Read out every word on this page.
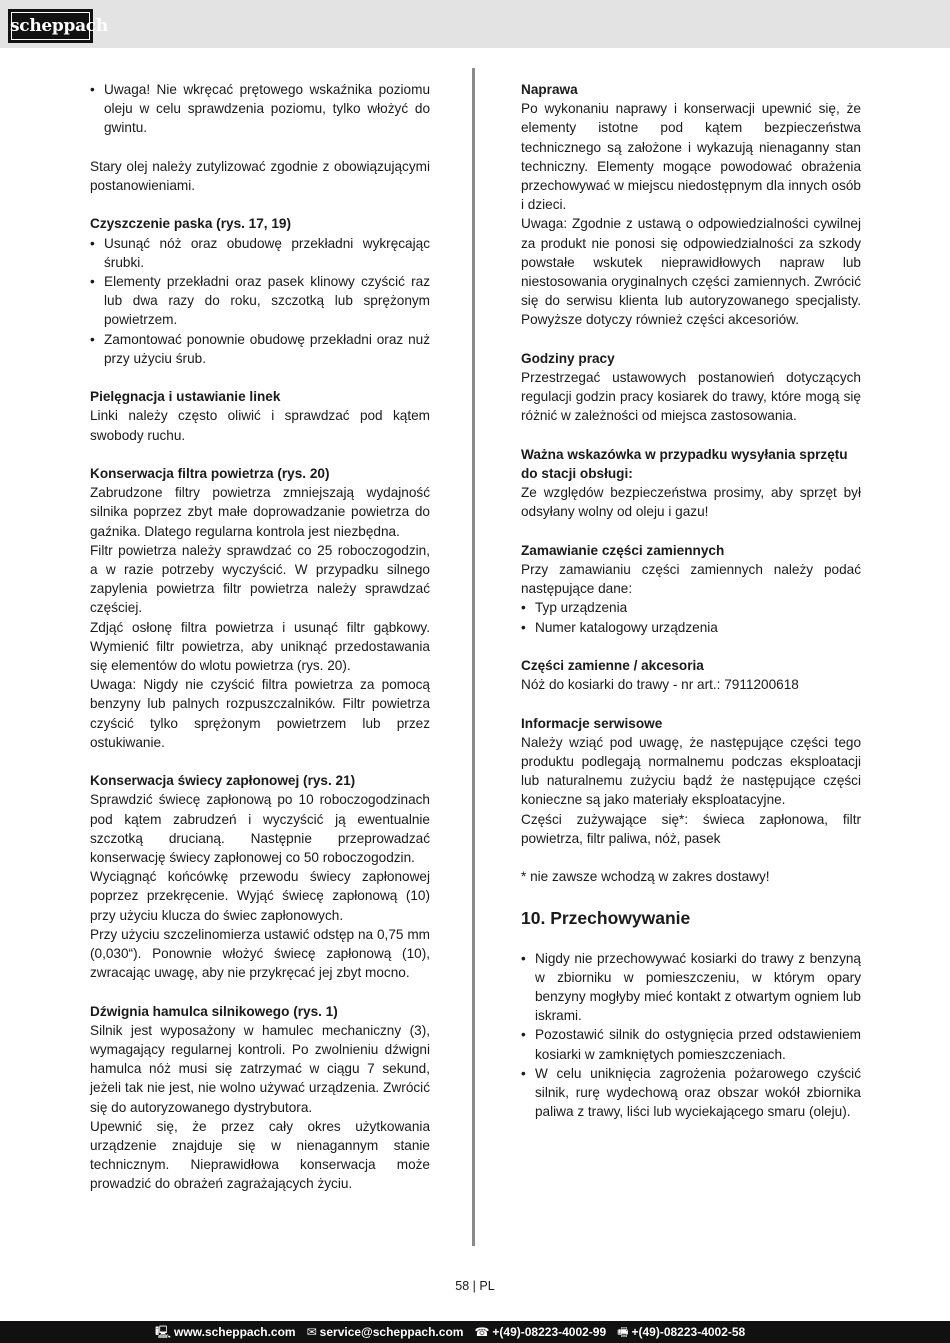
scheppach
• Uwaga! Nie wkręcać prętowego wskaźnika poziomu oleju w celu sprawdzenia poziomu, tylko włożyć do gwintu.

Stary olej należy zutylizować zgodnie z obowiązującymi postanowieniami.

Czyszczenie paska (rys. 17, 19)
• Usunąć nóż oraz obudowę przekładni wykręcając śrubki.
• Elementy przekładni oraz pasek klinowy czyścić raz lub dwa razy do roku, szczotką lub sprężonym powietrzem.
• Zamontować ponownie obudowę przekładni oraz nuż przy użyciu śrub.
Pielęgnacja i ustawianie linek

Linki należy często oliwić i sprawdzać pod kątem swobody ruchu.

Konserwacja filtra powietrza (rys. 20)

Zabrudzone filtry powietrza zmniejszają wydajność silnika poprzez zbyt małe doprowadzanie powietrza do gaźnika. Dlatego regularna kontrola jest niezbędna.

Filtr powietrza należy sprawdzać co 25 roboczogodzin, a w razie potrzeby wyczyścić. W przypadku silnego zapylenia powietrza filtr powietrza należy sprawdzać częściej.

Zdjąć osłonę filtra powietrza i usunąć filtr gąbkowy. Wymienić filtr powietrza, aby uniknąć przedostawania się elementów do wlotu powietrza (rys. 20).

Uwaga: Nigdy nie czyścić filtra powietrza za pomocą benzyny lub palnych rozpuszczalników. Filtr powietrza czyścić tylko sprężonym powietrzem lub przez ostukiwanie.

Konserwacja świecy zapłonowej (rys. 21)

Sprawdzić świecę zapłonową po 10 roboczogodzinach pod kątem zabrudzeń i wyczyścić ją ewentualnie szczotką drucianą. Następnie przeprowadzać konserwację świecy zapłonowej co 50 roboczogodzin.

Wyciągnąć końcówkę przewodu świecy zapłonowej poprzez przekręcenie. Wyjąć świecę zapłonową (10) przy użyciu klucza do świec zapłonowych.

Przy użyciu szczelinomierza ustawić odstęp na 0,75 mm (0,030“). Ponownie włożyć świecę zapłonową (10), zwracając uwagę, aby nie przykręcać jej zbyt mocno.

Dźwignia hamulca silnikowego (rys. 1)

Silnik jest wyposażony w hamulec mechaniczny (3), wymagający regularnej kontroli. Po zwolnieniu dźwigni hamulca nóż musi się zatrzymać w ciągu 7 sekund, jeżeli tak nie jest, nie wolno używać urządzenia. Zwrócić się do autoryzowanego dystrybutora.

Upewnić się, że przez cały okres użytkowania urządzenie znajduje się w nienagannym stanie technicznym. Nieprawidłowa konserwacja może prowadzić do obrażeń zagrażających życiu.

Naprawa

Po wykonaniu naprawy i konserwacji upewnić się, że elementy istotne pod kątem bezpieczeństwa technicznego są założone i wykazują nienaganny stan techniczny. Elementy mogące powodować obrażenia przechowywać w miejscu niedostępnym dla innych osób i dzieci.

Uwaga: Zgodnie z ustawą o odpowiedzialności cywilnej za produkt nie ponosi się odpowiedzialności za szkody powstałe wskutek nieprawidłowych napraw lub niestosowania oryginalnych części zamiennych. Zwrócić się do serwisu klienta lub autoryzowanego specjalisty. Powyższe dotyczy również części akcesoriów.

Godziny pracy

Przestrzegać ustawowych postanowień dotyczących regulacji godzin pracy kosiarek do trawy, które mogą się różnić w zależności od miejsca zastosowania.

Ważna wskazówka w przypadku wysyłania sprzętu do stacji obsługi:

Ze względów bezpieczeństwa prosimy, aby sprzęt był odsyłany wolny od oleju i gazu!

Zamawianie części zamiennych

Przy zamawianiu części zamiennych należy podać następujące dane:

• Typ urządzenia
• Numer katalogowy urządzenia
Części zamienne / akcesoria

Nóż do kosiarki do trawy - nr art.: 7911200618

Informacje serwisowe

Należy wziąć pod uwagę, że następujące części tego produktu podlegają normalnemu podczas eksploatacji lub naturalnemu zużyciu bądź że następujące części konieczne są jako materiały eksploatacyjne.

Części zużywające się*: świeca zapłonowa, filtr powietrza, filtr paliwa, nóż, pasek

* nie zawsze wchodzą w zakres dostawy!

10. Przechowywanie
• Nigdy nie przechowywać kosiarki do trawy z benzyną w zbiorniku w pomieszczeniu, w którym opary benzyny mogłyby mieć kontakt z otwartym ogniem lub iskrami.
• Pozostawić silnik do ostygnięcia przed odstawieniem kosiarki w zamkniętych pomieszczeniach.
• W celu uniknięcia zagrożenia pożarowego czyścić silnik, rurę wydechową oraz obszar wokół zbiornika paliwa z trawy, liści lub wyciekającego smaru (oleju).
58 | PL
🖳 www.scheppach.com ✉ service@scheppach.com ☎ +(49)-08223-4002-99 🖷 +(49)-08223-4002-58
